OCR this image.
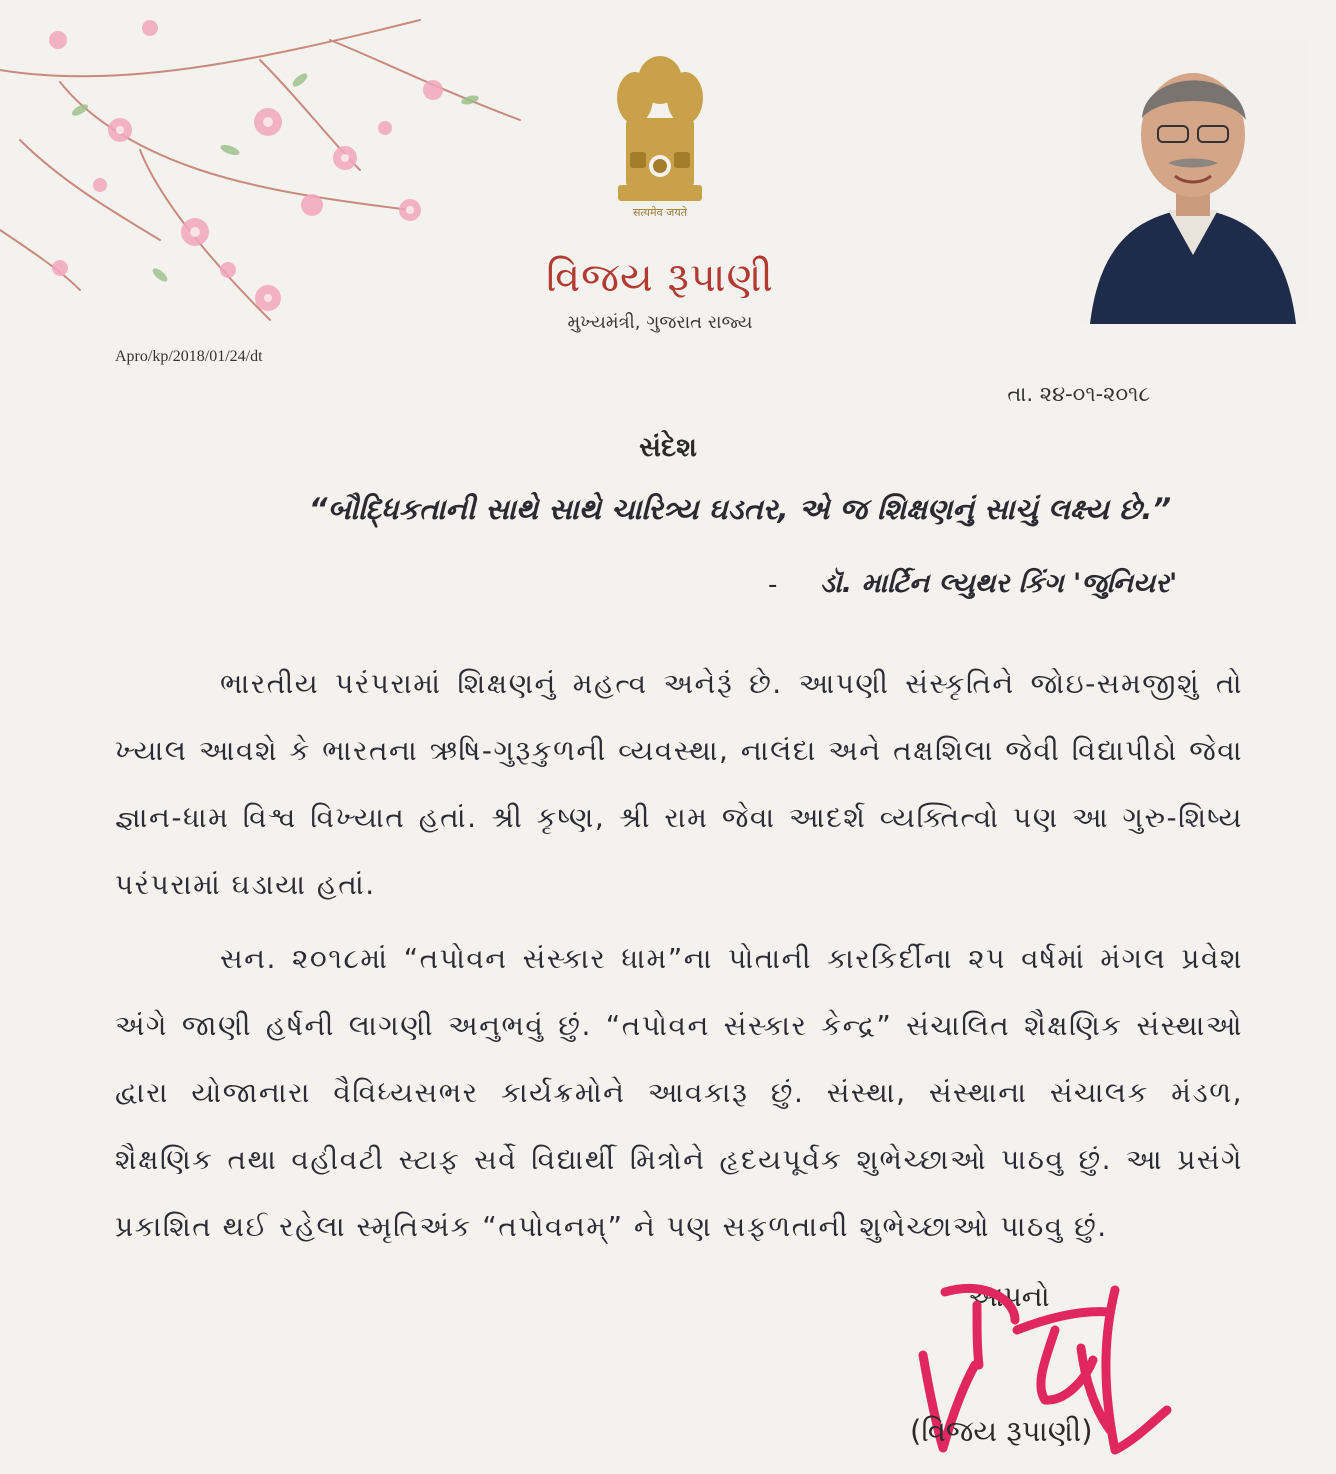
सत्यमेव जयते
વિજય રૂપાણી
મુખ્યમંત્રી, ગુજરાત રાજ્ય
Apro/kp/2018/01/24/dt
તા. ૨૪-૦૧-૨૦૧૮
સંદેશ
“બૌદ્ધિકતાની સાથે સાથે ચારિત્ર્ય ઘડતર, એ જ શિક્ષણનું સાચું લક્ષ્ય છે.”
- ડૉ. માર્ટિન લ્યુથર કિંગ 'જુનિયર'

ભારતીય પરંપરામાં શિક્ષણનું મહત્વ અનેરૂં છે. આપણી સંસ્કૃતિને જોઇ-સમજીશું તો ખ્યાલ આવશે કે ભારતના ઋષિ-ગુરૂકુળની વ્યવસ્થા, નાલંદા અને તક્ષશિલા જેવી વિદ્યાપીઠો જેવા જ્ઞાન-ધામ વિશ્વ વિખ્યાત હતાં. શ્રી કૃષ્ણ, શ્રી રામ જેવા આદર્શ વ્યક્તિત્વો પણ આ ગુરુ-શિષ્ય પરંપરામાં ઘડાયા હતાં.

સન. ૨૦૧૮માં “તપોવન સંસ્કાર ધામ”ના પોતાની કારકિર્દીના ૨૫ વર્ષમાં મંગલ પ્રવેશ અંગે જાણી હર્ષની લાગણી અનુભવું છું. “તપોવન સંસ્કાર કેન્દ્ર” સંચાલિત શૈક્ષણિક સંસ્થાઓ દ્વારા યોજાનારા વૈવિધ્યસભર કાર્યક્રમોને આવકારૂ છું. સંસ્થા, સંસ્થાના સંચાલક મંડળ, શૈક્ષણિક તથા વહીવટી સ્ટાફ સર્વે વિદ્યાર્થી મિત્રોને હૃદયપૂર્વક શુભેચ્છાઓ પાઠવુ છું. આ પ્રસંગે પ્રકાશિત થઈ રહેલા સ્મૃતિઅંક “તપોવનમ્” ને પણ સફળતાની શુભેચ્છાઓ પાઠવુ છું.

આપનો
(વિજય રૂપાણી)
